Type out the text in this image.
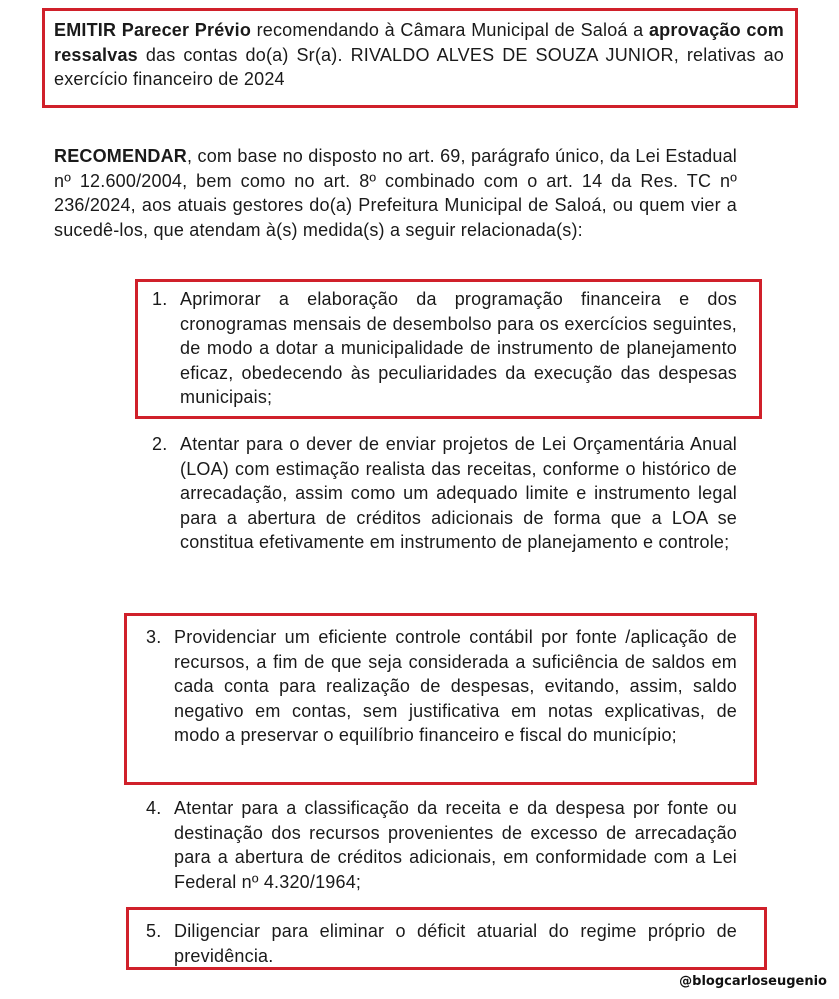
EMITIR Parecer Prévio recomendando à Câmara Municipal de Saloá a aprovação com ressalvas das contas do(a) Sr(a). RIVALDO ALVES DE SOUZA JUNIOR, relativas ao exercício financeiro de 2024
RECOMENDAR, com base no disposto no art. 69, parágrafo único, da Lei Estadual nº 12.600/2004, bem como no art. 8º combinado com o art. 14 da Res. TC nº 236/2024, aos atuais gestores do(a) Prefeitura Municipal de Saloá, ou quem vier a sucedê-los, que atendam à(s) medida(s) a seguir relacionada(s):
1. Aprimorar a elaboração da programação financeira e dos cronogramas mensais de desembolso para os exercícios seguintes, de modo a dotar a municipalidade de instrumento de planejamento eficaz, obedecendo às peculiaridades da execução das despesas municipais;
2. Atentar para o dever de enviar projetos de Lei Orçamentária Anual (LOA) com estimação realista das receitas, conforme o histórico de arrecadação, assim como um adequado limite e instrumento legal para a abertura de créditos adicionais de forma que a LOA se constitua efetivamente em instrumento de planejamento e controle;
3. Providenciar um eficiente controle contábil por fonte /aplicação de recursos, a fim de que seja considerada a suficiência de saldos em cada conta para realização de despesas, evitando, assim, saldo negativo em contas, sem justificativa em notas explicativas, de modo a preservar o equilíbrio financeiro e fiscal do município;
4. Atentar para a classificação da receita e da despesa por fonte ou destinação dos recursos provenientes de excesso de arrecadação para a abertura de créditos adicionais, em conformidade com a Lei Federal nº 4.320/1964;
5. Diligenciar para eliminar o déficit atuarial do regime próprio de previdência.
@blogcarloseugenio
